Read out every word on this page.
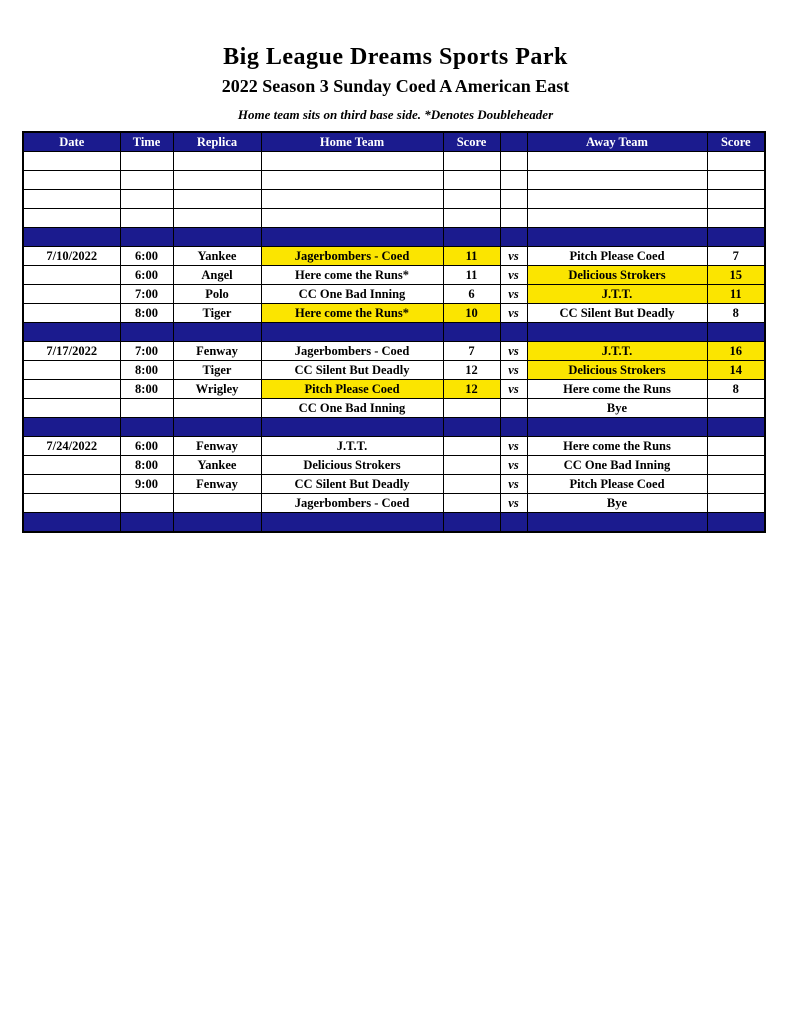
Big League Dreams Sports Park
2022 Season 3 Sunday Coed A American East
Home team sits on third base side. *Denotes Doubleheader
Date	Time	Replica	Home Team	Score		Away Team	Score

7/10/2022	6:00	Yankee	Jagerbombers - Coed	11	vs	Pitch Please Coed	7
	6:00	Angel	Here come the Runs*	11	vs	Delicious Strokers	15
	7:00	Polo	CC One Bad Inning	6	vs	J.T.T.	11
	8:00	Tiger	Here come the Runs*	10	vs	CC Silent But Deadly	8

7/17/2022	7:00	Fenway	Jagerbombers - Coed	7	vs	J.T.T.	16
	8:00	Tiger	CC Silent But Deadly	12	vs	Delicious Strokers	14
	8:00	Wrigley	Pitch Please Coed	12	vs	Here come the Runs	8
			CC One Bad Inning			Bye	

7/24/2022	6:00	Fenway	J.T.T.		vs	Here come the Runs	
	8:00	Yankee	Delicious Strokers		vs	CC One Bad Inning	
	9:00	Fenway	CC Silent But Deadly		vs	Pitch Please Coed	
			Jagerbombers - Coed		vs	Bye	
